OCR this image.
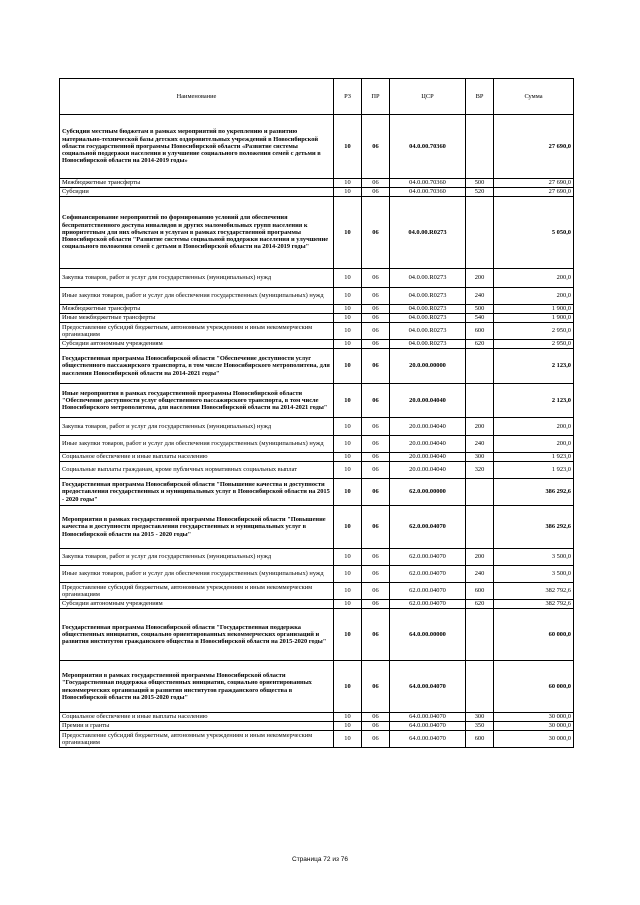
Наименование	РЗ	ПР	ЦСР	ВР	Сумма
Субсидии местным бюджетам в рамках мероприятий по укреплению и развитию материально-технической базы детских оздоровительных учреждений в Новосибирской области государственной программы Новосибирской области «Развитие системы социальной поддержки населения и улучшение социального положения семей с детьми в Новосибирской области на 2014-2019 годы»	10	06	04.0.00.70360		27 690,0
Межбюджетные трансферты	10	06	04.0.00.70360	500	27 690,0
Субсидии	10	06	04.0.00.70360	520	27 690,0
Софинансирование мероприятий по формированию условий для обеспечения беспрепятственного доступа инвалидов и других маломобильных групп населения к приоритетным для них объектам и услугам в рамках государственной программы Новосибирской области "Развитие системы социальной поддержки населения и улучшение социального положения семей с детьми в Новосибирской области на 2014-2019 годы"	10	06	04.0.00.R0273		5 050,0
Закупка товаров, работ и услуг для государственных (муниципальных) нужд	10	06	04.0.00.R0273	200	200,0
Иные закупки товаров, работ и услуг для обеспечения государственных (муниципальных) нужд	10	06	04.0.00.R0273	240	200,0
Межбюджетные трансферты	10	06	04.0.00.R0273	500	1 900,0
Иные межбюджетные трансферты	10	06	04.0.00.R0273	540	1 900,0
Предоставление субсидий бюджетным, автономным учреждениям и иным некоммерческим организациям	10	06	04.0.00.R0273	600	2 950,0
Субсидии автономным учреждениям	10	06	04.0.00.R0273	620	2 950,0
Государственная программа Новосибирской области "Обеспечение доступности услуг общественного пассажирского транспорта, в том числе Новосибирского метрополитена, для населения Новосибирской области на 2014-2021 годы"	10	06	20.0.00.00000		2 123,0
Иные мероприятия в рамках государственной программы Новосибирской области "Обеспечение доступности услуг общественного пассажирского транспорта, в том числе Новосибирского метрополитена, для населения Новосибирской области на 2014-2021 годы"	10	06	20.0.00.04040		2 123,0
Закупка товаров, работ и услуг для государственных (муниципальных) нужд	10	06	20.0.00.04040	200	200,0
Иные закупки товаров, работ и услуг для обеспечения государственных (муниципальных) нужд	10	06	20.0.00.04040	240	200,0
Социальное обеспечение и иные выплаты населению	10	06	20.0.00.04040	300	1 923,0
Социальные выплаты гражданам, кроме публичных нормативных социальных выплат	10	06	20.0.00.04040	320	1 923,0
Государственная программа Новосибирской области "Повышение качества и доступности предоставления государственных и муниципальных услуг в Новосибирской области на 2015 - 2020 годы"	10	06	62.0.00.00000		386 292,6
Мероприятия в рамках государственной программы Новосибирской области "Повышение качества и доступности предоставления государственных и муниципальных услуг в Новосибирской области на 2015 - 2020 годы"	10	06	62.0.00.04070		386 292,6
Закупка товаров, работ и услуг для государственных (муниципальных) нужд	10	06	62.0.00.04070	200	3 500,0
Иные закупки товаров, работ и услуг для обеспечения государственных (муниципальных) нужд	10	06	62.0.00.04070	240	3 500,0
Предоставление субсидий бюджетным, автономным учреждениям и иным некоммерческим организациям	10	06	62.0.00.04070	600	382 792,6
Субсидии автономным учреждениям	10	06	62.0.00.04070	620	382 792,6
Государственная программа Новосибирской области "Государственная поддержка общественных инициатив, социально ориентированных некоммерческих организаций и развития институтов гражданского общества в Новосибирской области на 2015-2020 годы"	10	06	64.0.00.00000		60 000,0
Мероприятия в рамках государственной программы Новосибирской области "Государственная поддержка общественных инициатив, социально ориентированных некоммерческих организаций и развития институтов гражданского общества в Новосибирской области на 2015-2020 годы"	10	06	64.0.00.04070		60 000,0
Социальное обеспечение и иные выплаты населению	10	06	64.0.00.04070	300	30 000,0
Премии и гранты	10	06	64.0.00.04070	350	30 000,0
Предоставление субсидий бюджетным, автономным учреждениям и иным некоммерческим организациям	10	06	64.0.00.04070	600	30 000,0
Страница 72 из 76
